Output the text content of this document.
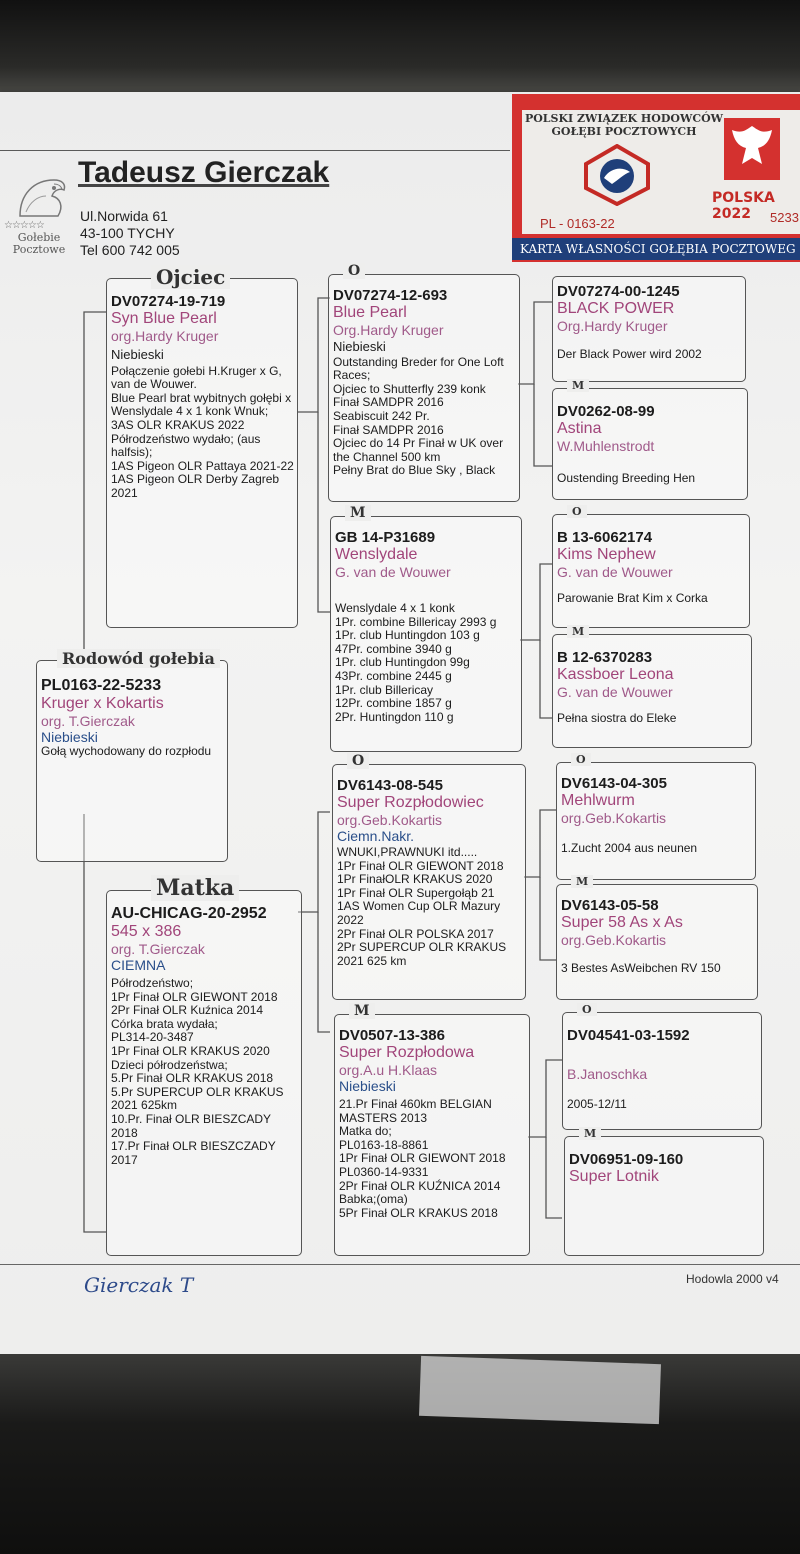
☆☆☆☆☆
Gołebie
Pocztowe
Tadeusz Gierczak
Ul.Norwida 61
43-100 TYCHY
Tel 600 742 005
POLSKI ZWIĄZEK HODOWCÓW GOŁĘBI POCZTOWYCH
POLSKA 2022
PL - 0163-22	5233
KARTA WŁASNOŚCI GOŁĘBIA POCZTOWEG
Ojciec
DV07274-19-719
Syn Blue Pearl
org.Hardy Kruger
Niebieski
Połączenie gołebi H.Kruger x G, van de Wouwer.
Blue Pearl brat wybitnych gołębi x Wenslydale 4 x 1 konk Wnuk;
3AS OLR KRAKUS 2022
Półrodzeństwo wydało; (aus halfsis);
1AS Pigeon OLR Pattaya 2021-22
1AS Pigeon OLR Derby Zagreb 2021
Rodowód gołebia
PL0163-22-5233
Kruger x Kokartis
org. T.Gierczak
Niebieski
Gołą wychodowany do rozpłodu
Matka
AU-CHICAG-20-2952
545 x 386
org. T.Gierczak
CIEMNA
Półrodzeństwo;
1Pr Finał OLR GIEWONT 2018
2Pr Finał OLR Kuźnica 2014
Córka brata wydała;
PL314-20-3487
1Pr Finał OLR KRAKUS 2020
Dzieci półrodzeństwa;
5.Pr Finał OLR KRAKUS 2018
5.Pr SUPERCUP OLR KRAKUS 2021 625km
10.Pr. Finał OLR BIESZCADY 2018
17.Pr Finał OLR BIESZCZADY 2017
O
DV07274-12-693
Blue Pearl
Org.Hardy Kruger
Niebieski
Outstanding Breder for One Loft Races;
Ojciec to Shutterfly 239 konk
Finał SAMDPR 2016
Seabiscuit 242 Pr.
Finał SAMDPR 2016
Ojciec do 14 Pr Finał w UK over the Channel 500 km
Pełny Brat do Blue Sky , Black
M
GB 14-P31689
Wenslydale
G. van de Wouwer
Wenslydale 4 x 1 konk
1Pr. combine Billericay 2993 g
1Pr. club Huntingdon 103 g
47Pr. combine 3940 g
1Pr. club Huntingdon 99g
43Pr. combine 2445 g
1Pr. club Billericay
12Pr. combine 1857 g
2Pr. Huntingdon 110 g
O
DV6143-08-545
Super Rozpłodowiec
org.Geb.Kokartis
Ciemn.Nakr.
WNUKI,PRAWNUKI itd.....
1Pr Finał OLR GIEWONT 2018
1Pr FinałOLR KRAKUS 2020
1Pr Finał OLR Supergołąb 21
1AS Women Cup OLR Mazury 2022
2Pr Finał OLR POLSKA 2017
2Pr SUPERCUP OLR KRAKUS 2021 625 km
M
DV0507-13-386
Super Rozpłodowa
org.A.u H.Klaas
Niebieski
21.Pr Finał 460km BELGIAN MASTERS 2013
Matka do;
PL0163-18-8861
1Pr Finał OLR GIEWONT 2018
PL0360-14-9331
2Pr Finał OLR KUŹNICA 2014
Babka;(oma)
5Pr Finał OLR KRAKUS 2018
DV07274-00-1245
BLACK POWER
Org.Hardy Kruger
Der Black Power wird 2002
M
DV0262-08-99
Astina
W.Muhlenstrodt
Oustending Breeding Hen
O
B 13-6062174
Kims Nephew
G. van de Wouwer
Parowanie Brat Kim x Corka
M
B 12-6370283
Kassboer Leona
G. van de Wouwer
Pełna siostra do Eleke
O
DV6143-04-305
Mehlwurm
org.Geb.Kokartis
1.Zucht 2004 aus neunen
M
DV6143-05-58
Super 58 As x As
org.Geb.Kokartis
3 Bestes AsWeibchen RV 150
O
DV04541-03-1592
B.Janoschka
2005-12/11
M
DV06951-09-160
Super Lotnik
Gierczak T	Hodowla 2000 v4
